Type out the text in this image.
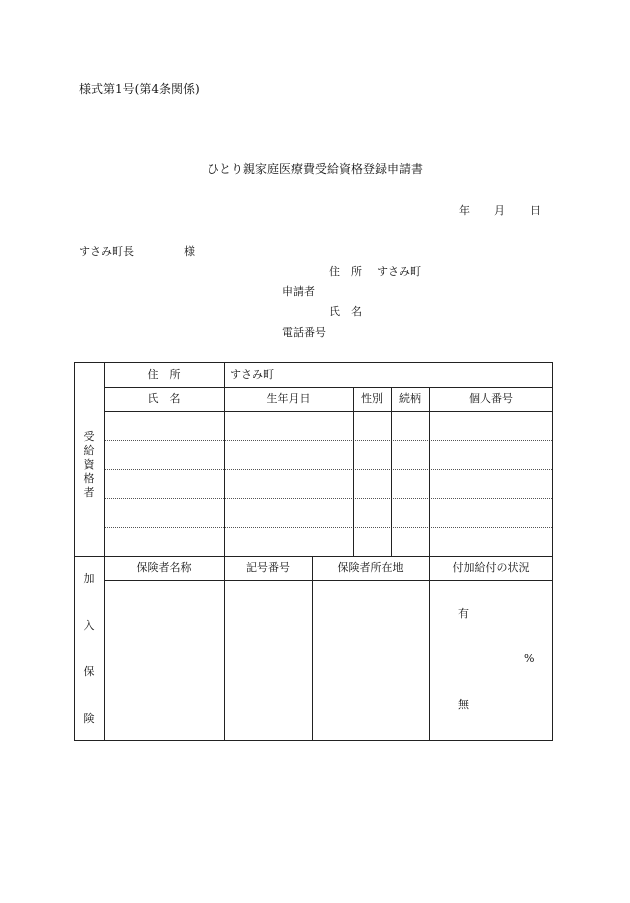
様式第1号(第4条関係)
ひとり親家庭医療費受給資格登録申請書
年 月 日
すさみ町長	様
住　所 すさみ町
申請者
氏　名
電話番号
受
給
資
格
者
住　所	すさみ町
氏　名	生年月日	性別	続柄	個人番号
加
入
保
険
保険者名称	記号番号	保険者所在地	付加給付の状況
有
%
無
